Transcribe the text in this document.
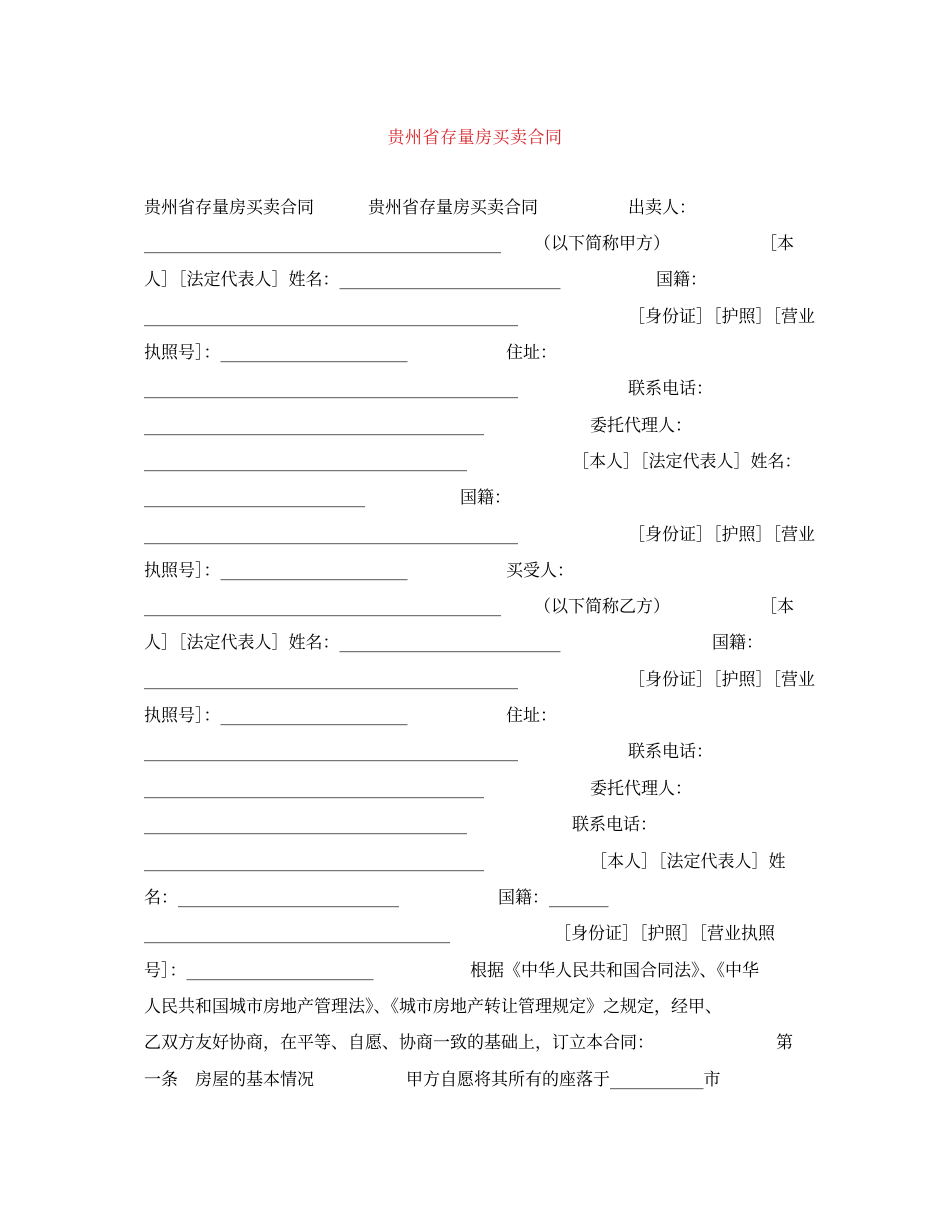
贵州省存量房买卖合同
贵州省存量房买卖合同	贵州省存量房买卖合同	出卖人：
__________________________________________ （以下简称甲方）	［本
人］［法定代表人］姓名：__________________________	国籍：
____________________________________________	［身份证］［护照］［营业
执照号］：______________________	住址：
____________________________________________	联系电话：
________________________________________	委托代理人：
______________________________________	［本人］［法定代表人］姓名：
__________________________	国籍：
____________________________________________	［身份证］［护照］［营业
执照号］：______________________	买受人：
__________________________________________ （以下简称乙方）	［本
人］［法定代表人］姓名：__________________________	国籍：
____________________________________________	［身份证］［护照］［营业
执照号］：______________________	住址：
____________________________________________	联系电话：
________________________________________	委托代理人：
______________________________________	联系电话：
________________________________________	［本人］［法定代表人］姓
名：__________________________	国籍：_______
____________________________________	［身份证］［护照］［营业执照
号］：______________________	根据《中华人民共和国合同法》、《中华
人民共和国城市房地产管理法》、《城市房地产转让管理规定》之规定，经甲、
乙双方友好协商，在平等、自愿、协商一致的基础上，订立本合同：	第
一条　房屋的基本情况	甲方自愿将其所有的座落于___________市
